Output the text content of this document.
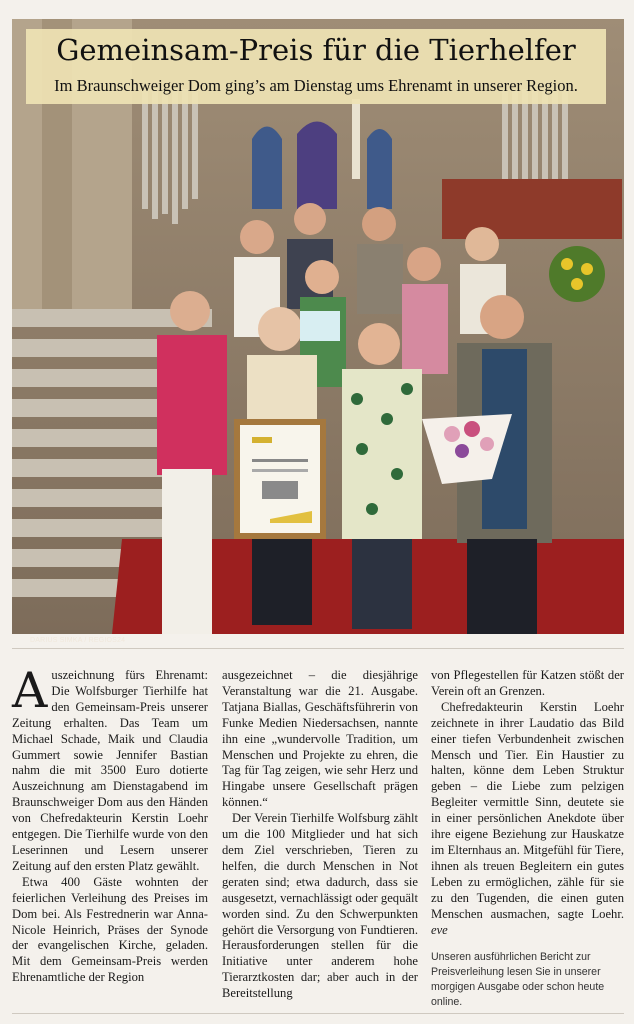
DARIUS SIMKA / REGIOS24
Gemeinsam-Preis für die Tierhelfer
Im Braunschweiger Dom ging’s am Dienstag ums Ehrenamt in unserer Region.

Auszeichnung fürs Ehrenamt: Die Wolfsburger Tierhilfe hat den Gemeinsam-Preis unserer Zeitung erhalten. Das Team um Michael Schade, Maik und Claudia Gummert sowie Jennifer Bastian nahm die mit 3500 Euro dotierte Auszeichnung am Dienstagabend im Braunschweiger Dom aus den Händen von Chefredakteurin Kerstin Loehr entgegen. Die Tierhilfe wurde von den Leserinnen und Lesern unserer Zeitung auf den ersten Platz gewählt.

Etwa 400 Gäste wohnten der feierlichen Verleihung des Preises im Dom bei. Als Festrednerin war Anna-Nicole Heinrich, Präses der Synode der evangelischen Kirche, geladen. Mit dem Gemeinsam-Preis werden Ehrenamtliche der Region

ausgezeichnet – die diesjährige Veranstaltung war die 21. Ausgabe. Tatjana Biallas, Geschäftsführerin von Funke Medien Niedersachsen, nannte ihn eine „wundervolle Tradition, um Menschen und Projekte zu ehren, die Tag für Tag zeigen, wie sehr Herz und Hingabe unsere Gesellschaft prägen können.“

Der Verein Tierhilfe Wolfsburg zählt um die 100 Mitglieder und hat sich dem Ziel verschrieben, Tieren zu helfen, die durch Menschen in Not geraten sind; etwa dadurch, dass sie ausgesetzt, vernachlässigt oder gequält worden sind. Zu den Schwerpunkten gehört die Versorgung von Fundtieren. Herausforderungen stellen für die Initiative unter anderem hohe Tierarztkosten dar; aber auch in der Bereitstellung

von Pflegestellen für Katzen stößt der Verein oft an Grenzen.

Chefredakteurin Kerstin Loehr zeichnete in ihrer Laudatio das Bild einer tiefen Verbundenheit zwischen Mensch und Tier. Ein Haustier zu halten, könne dem Leben Struktur geben – die Liebe zum pelzigen Begleiter vermittle Sinn, deutete sie in einer persönlichen Anekdote über ihre eigene Beziehung zur Hauskatze im Elternhaus an. Mitgefühl für Tiere, ihnen als treuen Begleitern ein gutes Leben zu ermöglichen, zähle für sie zu den Tugenden, die einen guten Menschen ausmachen, sagte Loehr. eve

Unseren ausführlichen Bericht zur Preisverleihung lesen Sie in unserer morgigen Ausgabe oder schon heute online.
